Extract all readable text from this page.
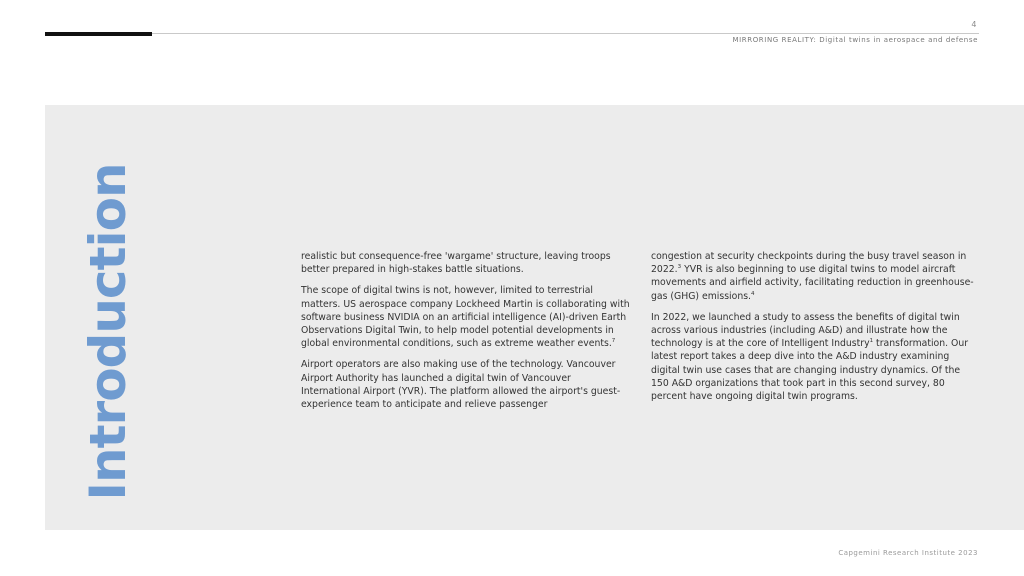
4
MIRRORING REALITY: Digital twins in aerospace and defense
Introduction	realistic but consequence-free 'wargame' structure, leaving troops better prepared in high-stakes battle situations.

The scope of digital twins is not, however, limited to terrestrial matters. US aerospace company Lockheed Martin is collaborating with software business NVIDIA on an artificial intelligence (AI)-driven Earth Observations Digital Twin, to help model potential developments in global environmental conditions, such as extreme weather events.$^7$

Airport operators are also making use of the technology. Vancouver Airport Authority has launched a digital twin of Vancouver International Airport (YVR). The platform allowed the airport's guest-experience team to anticipate and relieve passenger

congestion at security checkpoints during the busy travel season in 2022.$^3$ YVR is also beginning to use digital twins to model aircraft movements and airfield activity, facilitating reduction in greenhouse-gas (GHG) emissions.$^4$

In 2022, we launched a study to assess the benefits of digital twin across various industries (including A&D) and illustrate how the technology is at the core of Intelligent Industry$^1$ transformation. Our latest report takes a deep dive into the A&D industry examining digital twin use cases that are changing industry dynamics. Of the 150 A&D organizations that took part in this second survey, 80 percent have ongoing digital twin programs.

Capgemini Research Institute 2023
